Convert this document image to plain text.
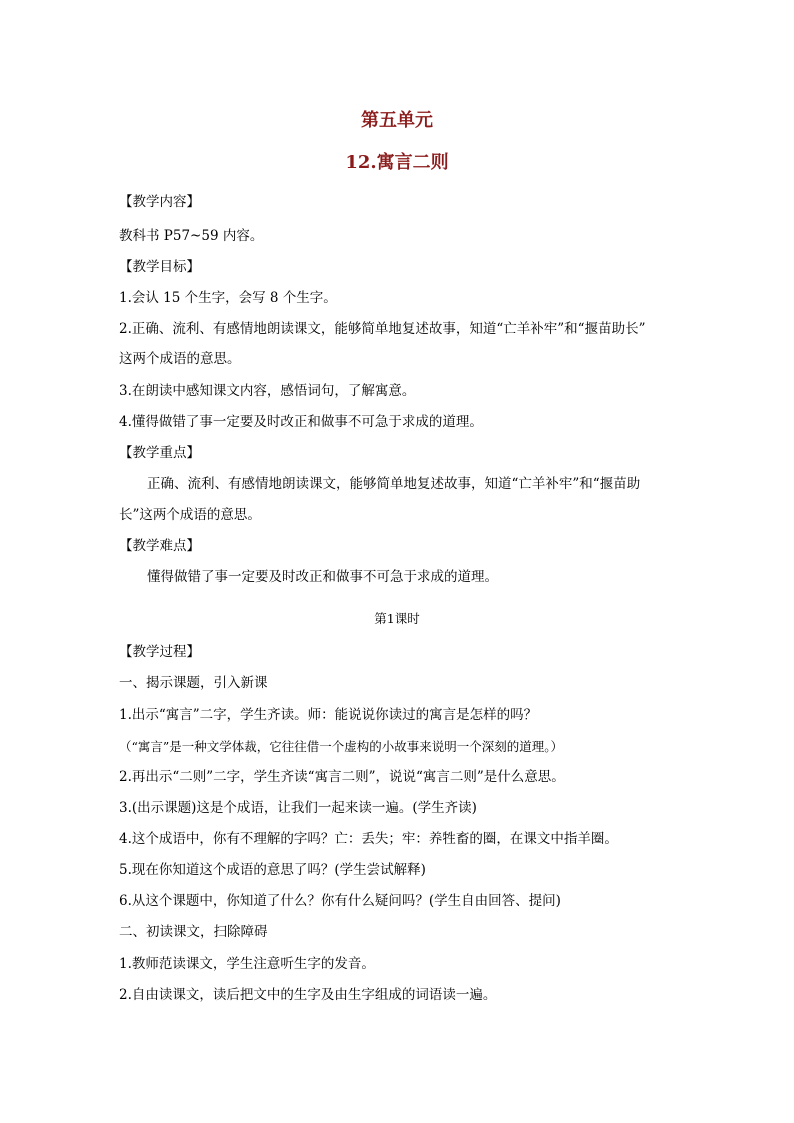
第五单元
12.寓言二则
【教学内容】
教科书 P57~59 内容。
【教学目标】
1.会认 15 个生字，会写 8 个生字。
2.正确、流利、有感情地朗读课文，能够简单地复述故事，知道“亡羊补牢”和“揠苗助长”
这两个成语的意思。
3.在朗读中感知课文内容，感悟词句，了解寓意。
4.懂得做错了事一定要及时改正和做事不可急于求成的道理。
【教学重点】
正确、流利、有感情地朗读课文，能够简单地复述故事，知道“亡羊补牢”和“揠苗助
长”这两个成语的意思。
【教学难点】
懂得做错了事一定要及时改正和做事不可急于求成的道理。
第1课时
【教学过程】
一、揭示课题，引入新课
1.出示“寓言”二字，学生齐读。师：能说说你读过的寓言是怎样的吗？
（“寓言”是一种文学体裁，它往往借一个虚构的小故事来说明一个深刻的道理。）
2.再出示“二则”二字，学生齐读“寓言二则”，说说“寓言二则”是什么意思。
3.(出示课题)这是个成语，让我们一起来读一遍。(学生齐读)
4.这个成语中，你有不理解的字吗？亡：丢失；牢：养牲畜的圈，在课文中指羊圈。
5.现在你知道这个成语的意思了吗？(学生尝试解释)
6.从这个课题中，你知道了什么？你有什么疑问吗？(学生自由回答、提问)
二、初读课文，扫除障碍
1.教师范读课文，学生注意听生字的发音。
2.自由读课文，读后把文中的生字及由生字组成的词语读一遍。
